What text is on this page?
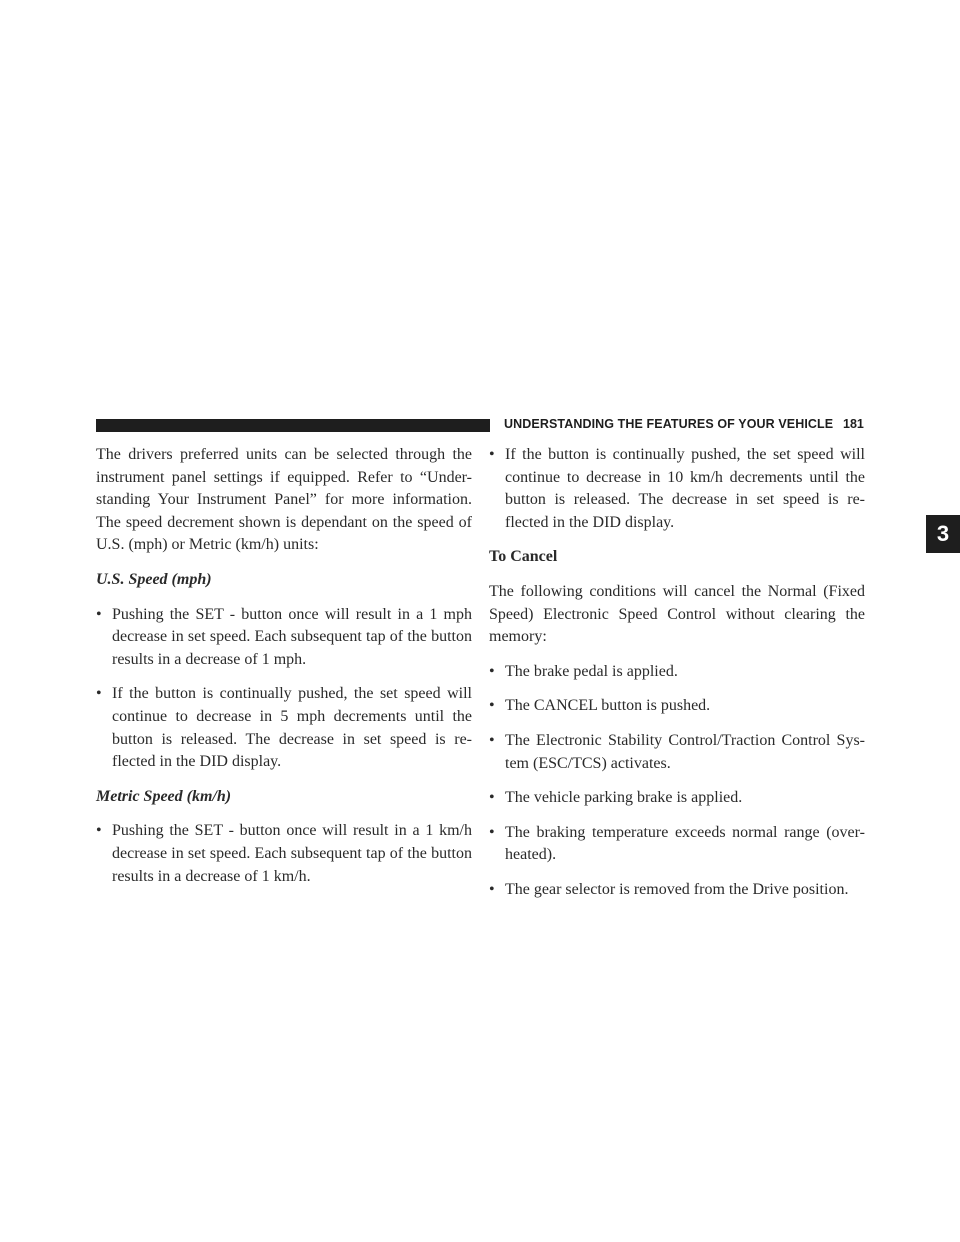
UNDERSTANDING THE FEATURES OF YOUR VEHICLE 181
3

The drivers preferred units can be selected through the instrument panel settings if equipped. Refer to “Under-standing Your Instrument Panel” for more information. The speed decrement shown is dependant on the speed of U.S. (mph) or Metric (km/h) units:

U.S. Speed (mph)

• Pushing the SET - button once will result in a 1 mph decrease in set speed. Each subsequent tap of the button results in a decrease of 1 mph.
• If the button is continually pushed, the set speed will continue to decrease in 5 mph decrements until the button is released. The decrease in set speed is re-flected in the DID display.

Metric Speed (km/h)

• Pushing the SET - button once will result in a 1 km/h decrease in set speed. Each subsequent tap of the button results in a decrease of 1 km/h.
• If the button is continually pushed, the set speed will continue to decrease in 10 km/h decrements until the button is released. The decrease in set speed is re-flected in the DID display.

To Cancel

The following conditions will cancel the Normal (Fixed Speed) Electronic Speed Control without clearing the memory:

• The brake pedal is applied.
• The CANCEL button is pushed.
• The Electronic Stability Control/Traction Control Sys-tem (ESC/TCS) activates.
• The vehicle parking brake is applied.
• The braking temperature exceeds normal range (over-heated).
• The gear selector is removed from the Drive position.
